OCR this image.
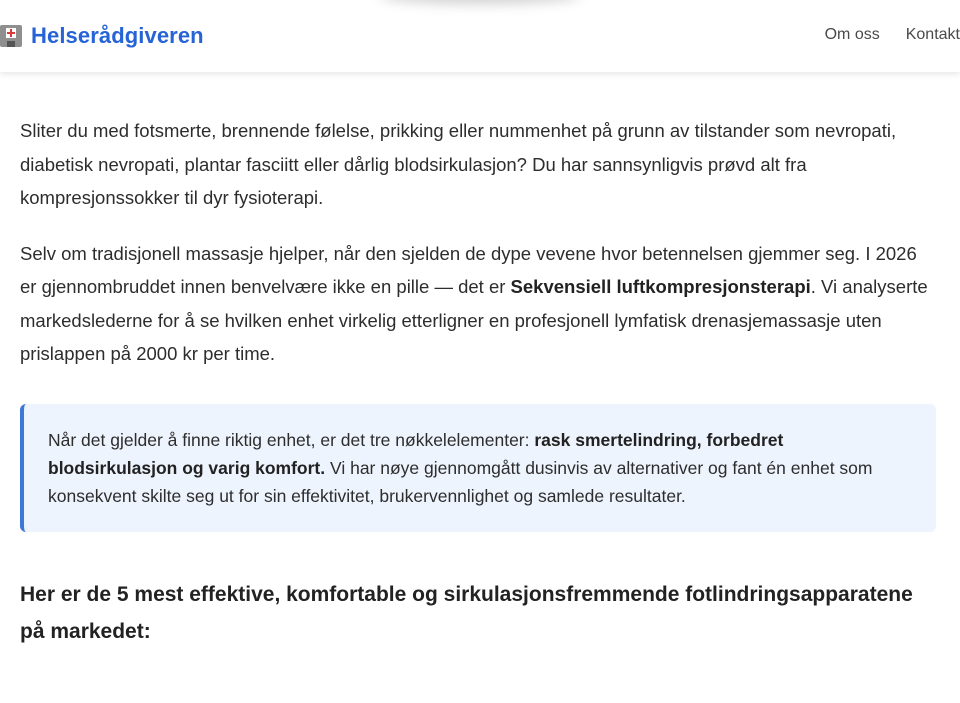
Helserådgiveren	Om oss Kontakt

Sliter du med fotsmerte, brennende følelse, prikking eller nummenhet på grunn av tilstander som nevropati, diabetisk nevropati, plantar fasciitt eller dårlig blodsirkulasjon? Du har sannsynligvis prøvd alt fra kompresjonssokker til dyr fysioterapi.

Selv om tradisjonell massasje hjelper, når den sjelden de dype vevene hvor betennelsen gjemmer seg. I 2026 er gjennombruddet innen benvelvære ikke en pille — det er Sekvensiell luftkompresjonsterapi. Vi analyserte markedslederne for å se hvilken enhet virkelig etterligner en profesjonell lymfatisk drenasjemassasje uten prislappen på 2000 kr per time.

Når det gjelder å finne riktig enhet, er det tre nøkkelelementer: rask smertelindring, forbedret blodsirkulasjon og varig komfort. Vi har nøye gjennomgått dusinvis av alternativer og fant én enhet som konsekvent skilte seg ut for sin effektivitet, brukervennlighet og samlede resultater.
Her er de 5 mest effektive, komfortable og sirkulasjonsfremmende fotlindringsapparatene på markedet:
